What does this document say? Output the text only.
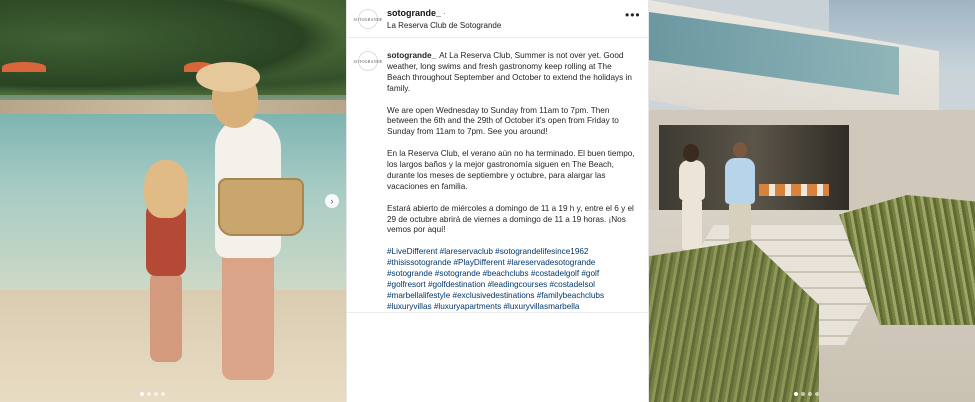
›
SOTOGRANDE
sotogrande_ ·
La Reserva Club de Sotogrande
•••
SOTOGRANDE

sotogrande_ At La Reserva Club, Summer is not over yet. Good weather, long swims and fresh gastronomy keep rolling at The Beach throughout September and October to extend the holidays in family.

We are open Wednesday to Sunday from 11am to 7pm. Then between the 6th and the 29th of October it's open from Friday to Sunday from 11am to 7pm. See you around!

En la Reserva Club, el verano aún no ha terminado. El buen tiempo, los largos baños y la mejor gastronomía siguen en The Beach, durante los meses de septiembre y octubre, para alargar las vacaciones en familia.

Estará abierto de miércoles a domingo de 11 a 19 h y, entre el 6 y el 29 de octubre abrirá de viernes a domingo de 11 a 19 horas. ¡Nos vemos por aquí!

#LiveDifferent #lareservaclub #sotograndelifesince1962 #thisissotogrande #PlayDifferent #lareservadesotogrande #sotogrande #sotogrande #beachclubs #costadelgolf #golf #golfresort #golfdestination #leadingcourses #costadelsol #marbellalifestyle #exclusivedestinations #familybeachclubs #luxuryvillas #luxuryapartments #luxuryvillasmarbella
